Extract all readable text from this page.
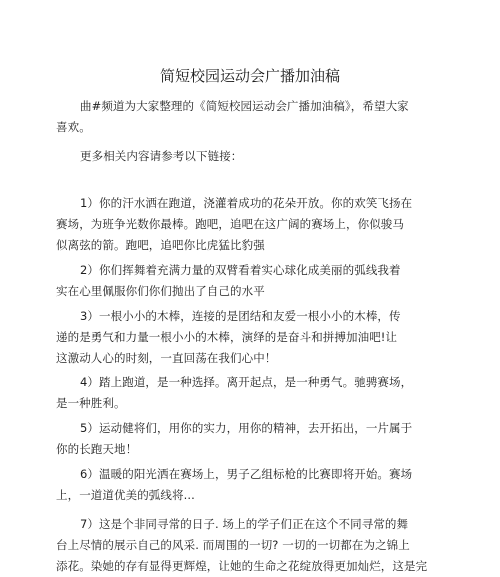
简短校园运动会广播加油稿
曲#频道为大家整理的《简短校园运动会广播加油稿》，希望大家
喜欢。
更多相关内容请参考以下链接：
1）你的汗水洒在跑道，浇灌着成功的花朵开放。你的欢笑飞扬在
赛场，为班争光数你最棒。跑吧，追吧在这广阔的赛场上，你似骏马
似离弦的箭。跑吧，追吧你比虎猛比豹强
2）你们挥舞着充满力量的双臂看着实心球化成美丽的弧线我着
实在心里佩服你们你们抛出了自己的水平
3）一根小小的木棒，连接的是团结和友爱一根小小的木棒，传
递的是勇气和力量一根小小的木棒，演绎的是奋斗和拼搏加油吧!让
这激动人心的时刻，一直回荡在我们心中！
4）踏上跑道，是一种选择。离开起点，是一种勇气。驰骋赛场，
是一种胜利。
5）运动健将们，用你的实力，用你的精神，去开拓出，一片属于
你的长跑天地！
6）温暖的阳光洒在赛场上，男子乙组标枪的比赛即将开始。赛场
上，一道道优美的弧线将...
7）这是个非同寻常的日子. 场上的学子们正在这个不同寻常的舞
台上尽情的展示自己的风采. 而周围的一切? 一切的一切都在为之锦上
添花。染她的存有显得更辉煌，让她的生命之花绽放得更加灿烂，这是完
